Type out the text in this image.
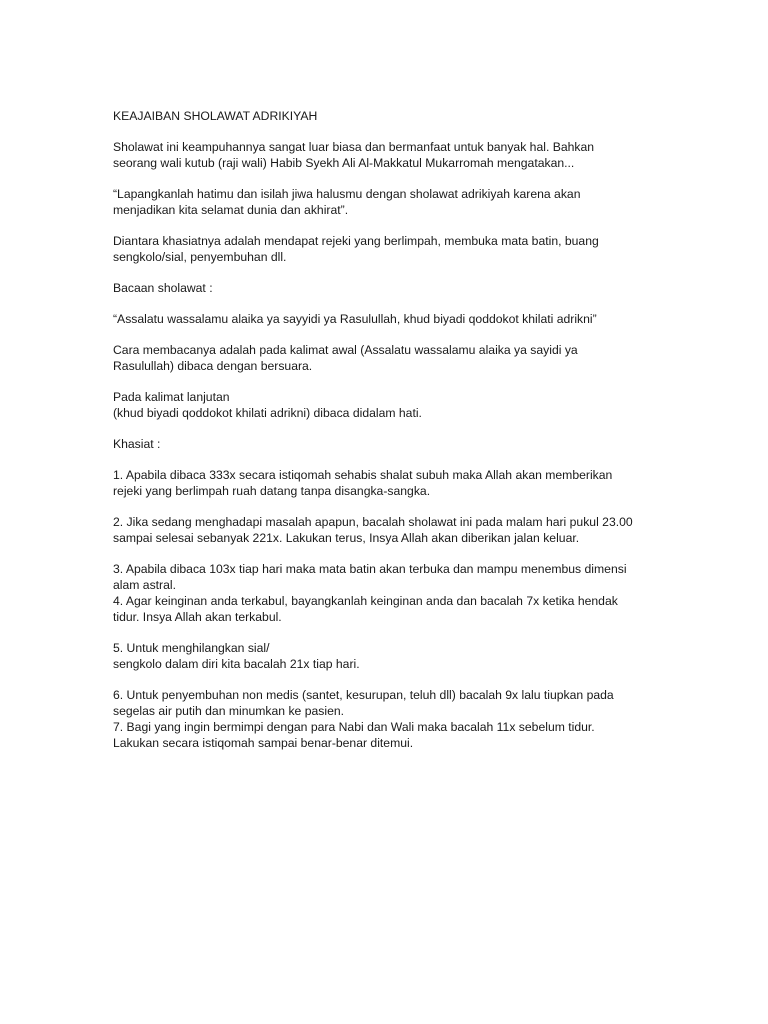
KEAJAIBAN SHOLAWAT ADRIKIYAH

Sholawat ini keampuhannya sangat luar biasa dan bermanfaat untuk banyak hal. Bahkan
seorang wali kutub (raji wali) Habib Syekh Ali Al-Makkatul Mukarromah mengatakan...

“Lapangkanlah hatimu dan isilah jiwa halusmu dengan sholawat adrikiyah karena akan
menjadikan kita selamat dunia dan akhirat”.

Diantara khasiatnya adalah mendapat rejeki yang berlimpah, membuka mata batin, buang
sengkolo/sial, penyembuhan dll.

Bacaan sholawat :

“Assalatu wassalamu alaika ya sayyidi ya Rasulullah, khud biyadi qoddokot khilati adrikni”

Cara membacanya adalah pada kalimat awal (Assalatu wassalamu alaika ya sayidi ya
Rasulullah) dibaca dengan bersuara.

Pada kalimat lanjutan
(khud biyadi qoddokot khilati adrikni) dibaca didalam hati.

Khasiat :

1. Apabila dibaca 333x secara istiqomah sehabis shalat subuh maka Allah akan memberikan
rejeki yang berlimpah ruah datang tanpa disangka-sangka.

2. Jika sedang menghadapi masalah apapun, bacalah sholawat ini pada malam hari pukul 23.00
sampai selesai sebanyak 221x. Lakukan terus, Insya Allah akan diberikan jalan keluar.

3. Apabila dibaca 103x tiap hari maka mata batin akan terbuka dan mampu menembus dimensi
alam astral.
4. Agar keinginan anda terkabul, bayangkanlah keinginan anda dan bacalah 7x ketika hendak
tidur. Insya Allah akan terkabul.

5. Untuk menghilangkan sial/
sengkolo dalam diri kita bacalah 21x tiap hari.

6. Untuk penyembuhan non medis (santet, kesurupan, teluh dll) bacalah 9x lalu tiupkan pada
segelas air putih dan minumkan ke pasien.
7. Bagi yang ingin bermimpi dengan para Nabi dan Wali maka bacalah 11x sebelum tidur.
Lakukan secara istiqomah sampai benar-benar ditemui.
